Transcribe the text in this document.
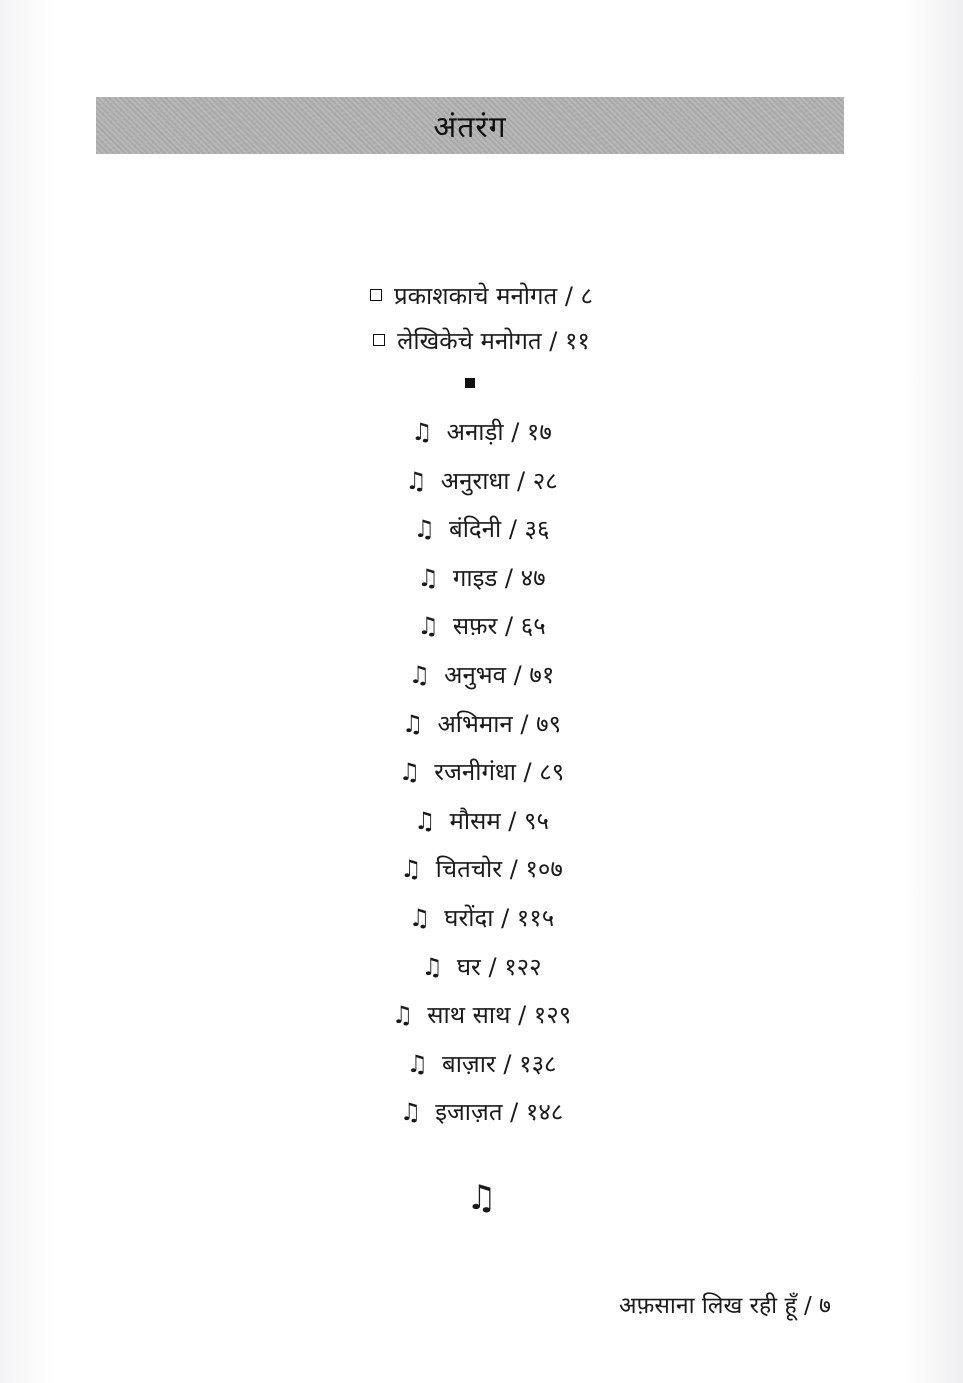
अंतरंग
प्रकाशकाचे मनोगत / ८
लेखिकेचे मनोगत / ११
♫ अनाड़ी / १७
♫ अनुराधा / २८
♫ बंदिनी / ३६
♫ गाइड / ४७
♫ सफ़र / ६५
♫ अनुभव / ७१
♫ अभिमान / ७९
♫ रजनीगंधा / ८९
♫ मौसम / ९५
♫ चितचोर / १०७
♫ घरोंदा / ११५
♫ घर / १२२
♫ साथ साथ / १२९
♫ बाज़ार / १३८
♫ इजाज़त / १४८
♫
अफ़साना लिख रही हूँ / ७
